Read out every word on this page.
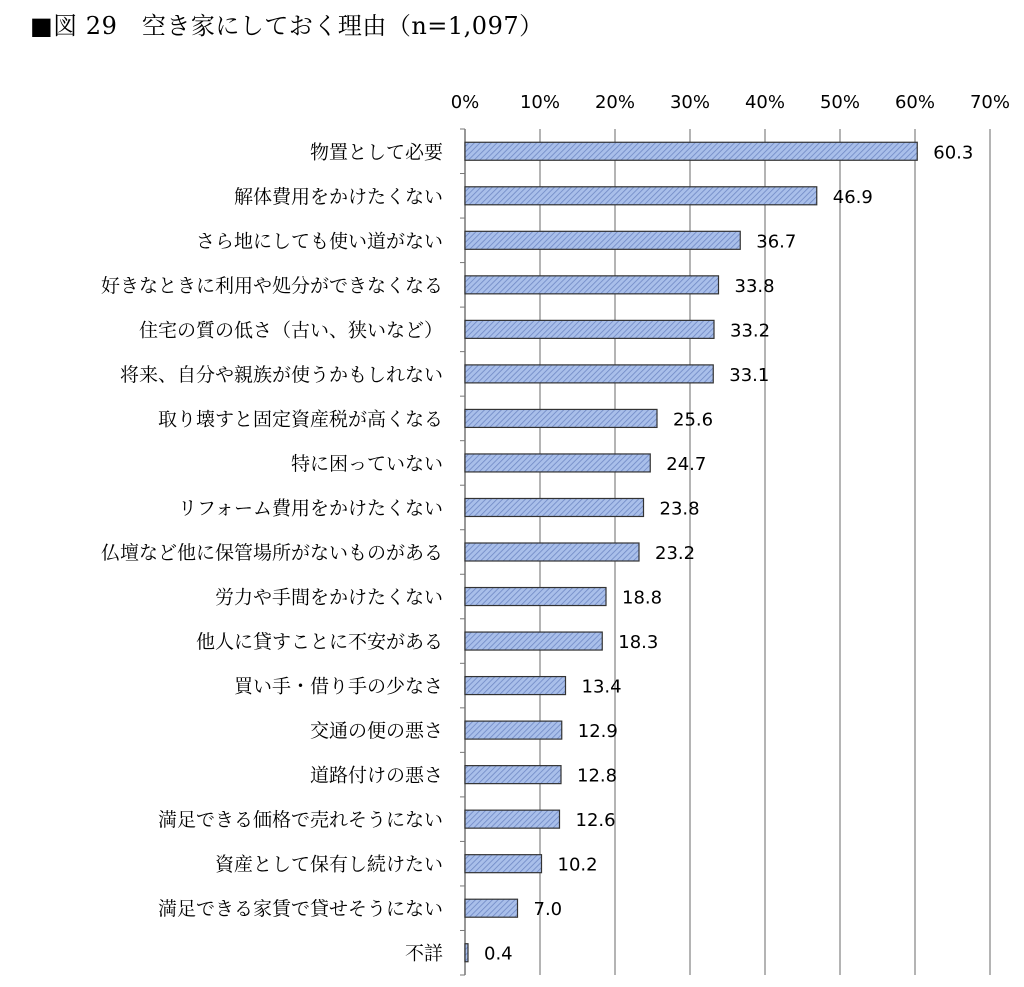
■図 29　空き家にしておく理由（n=1,097）
60.3
46.9
36.7
33.8
33.2
33.1
25.6
24.7
23.8
23.2
18.8
18.3
13.4
12.9
12.8
12.6
10.2
7.0
0.4
0% 10% 20% 30% 40% 50% 60% 70%
物置として必要
解体費用をかけたくない
さら地にしても使い道がない
好きなときに利用や処分ができなくなる
住宅の質の低さ（古い、狭いなど）
将来、自分や親族が使うかもしれない
取り壊すと固定資産税が高くなる
特に困っていない
リフォーム費用をかけたくない
仏壇など他に保管場所がないものがある
労力や手間をかけたくない
他人に貸すことに不安がある
買い手・借り手の少なさ
交通の便の悪さ
道路付けの悪さ
満足できる価格で売れそうにない
資産として保有し続けたい
満足できる家賃で貸せそうにない
不詳
